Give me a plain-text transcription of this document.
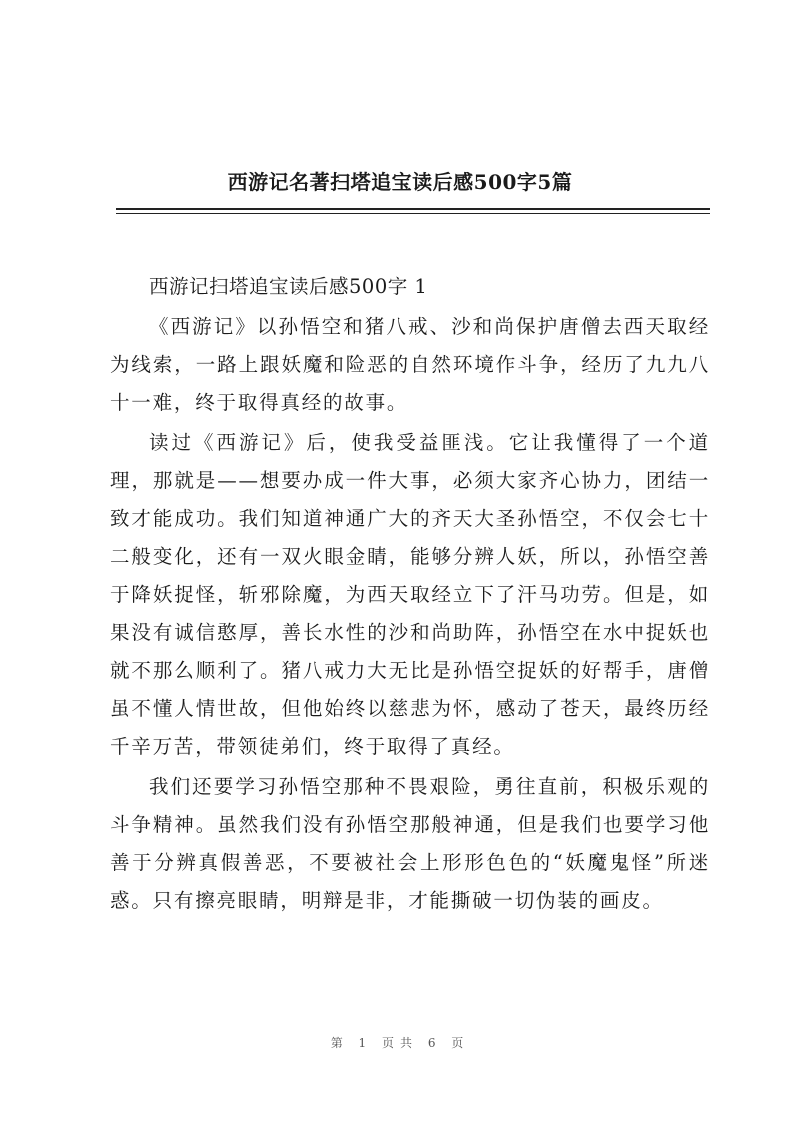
西游记名著扫塔追宝读后感500字5篇

西游记扫塔追宝读后感500字 1

《西游记》以孙悟空和猪八戒、沙和尚保护唐僧去西天取经为线索，一路上跟妖魔和险恶的自然环境作斗争，经历了九九八十一难，终于取得真经的故事。

读过《西游记》后，使我受益匪浅。它让我懂得了一个道理，那就是——想要办成一件大事，必须大家齐心协力，团结一致才能成功。我们知道神通广大的齐天大圣孙悟空，不仅会七十二般变化，还有一双火眼金睛，能够分辨人妖，所以，孙悟空善于降妖捉怪，斩邪除魔，为西天取经立下了汗马功劳。但是，如果没有诚信憨厚，善长水性的沙和尚助阵，孙悟空在水中捉妖也就不那么顺利了。猪八戒力大无比是孙悟空捉妖的好帮手，唐僧虽不懂人情世故，但他始终以慈悲为怀，感动了苍天，最终历经千辛万苦，带领徒弟们，终于取得了真经。

我们还要学习孙悟空那种不畏艰险，勇往直前，积极乐观的斗争精神。虽然我们没有孙悟空那般神通，但是我们也要学习他善于分辨真假善恶，不要被社会上形形色色的“妖魔鬼怪”所迷惑。只有擦亮眼睛，明辩是非，才能撕破一切伪装的画皮。

第 1 页共 6 页
